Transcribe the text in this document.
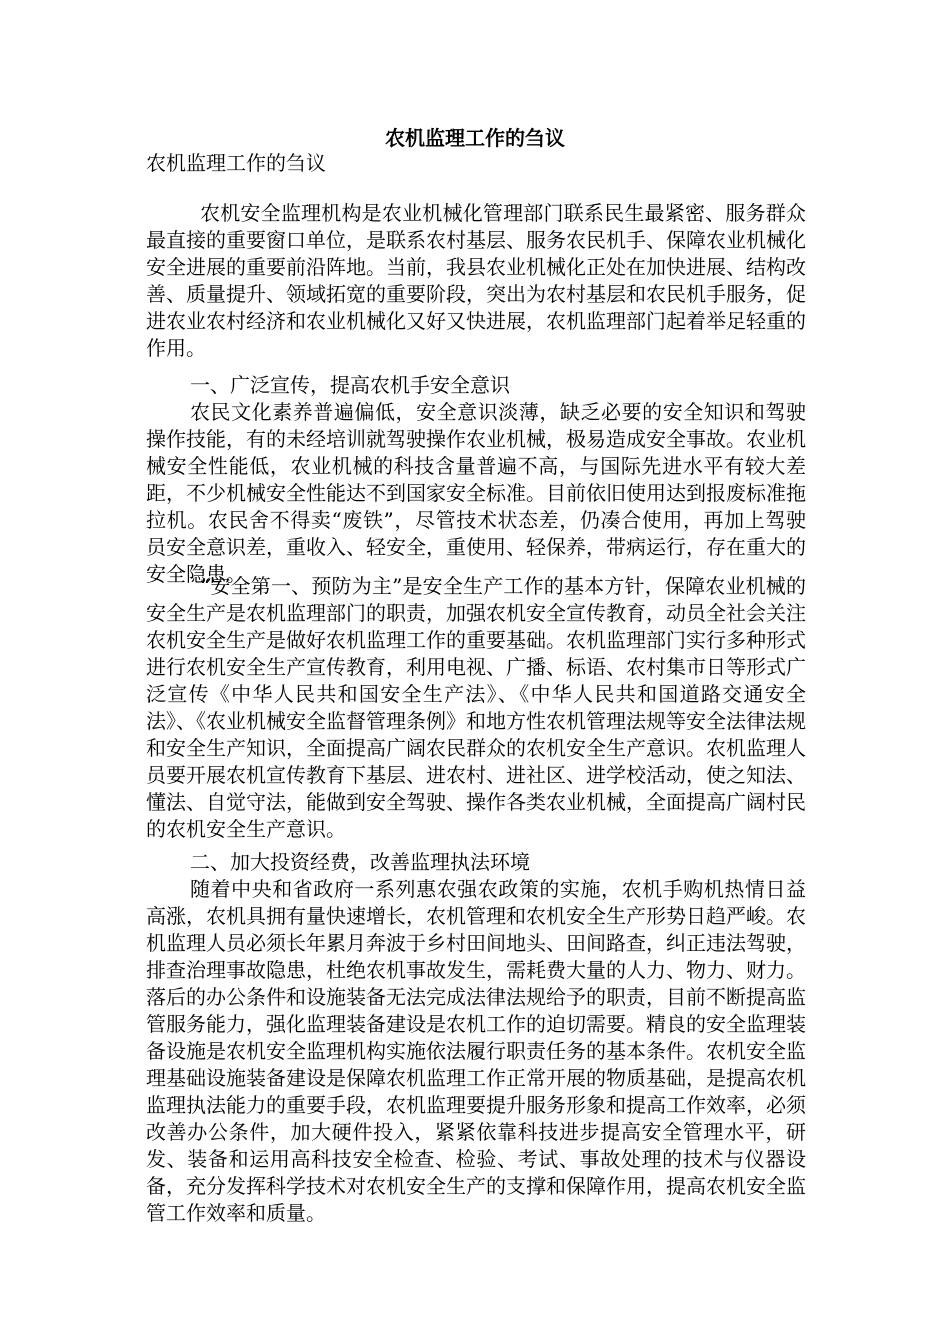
农机监理工作的刍议
农机监理工作的刍议
农机安全监理机构是农业机械化管理部门联系民生最紧密、服务群众最直接的重要窗口单位，是联系农村基层、服务农民机手、保障农业机械化安全进展的重要前沿阵地。当前，我县农业机械化正处在加快进展、结构改善、质量提升、领域拓宽的重要阶段，突出为农村基层和农民机手服务，促进农业农村经济和农业机械化又好又快进展，农机监理部门起着举足轻重的作用。
一、广泛宣传，提高农机手安全意识
农民文化素养普遍偏低，安全意识淡薄，缺乏必要的安全知识和驾驶操作技能，有的未经培训就驾驶操作农业机械，极易造成安全事故。农业机械安全性能低，农业机械的科技含量普遍不高，与国际先进水平有较大差距，不少机械安全性能达不到国家安全标准。目前依旧使用达到报废标准拖拉机。农民舍不得卖“废铁”，尽管技术状态差，仍凑合使用，再加上驾驶员安全意识差，重收入、轻安全，重使用、轻保养，带病运行，存在重大的安全隐患。
“安全第一、预防为主”是安全生产工作的基本方针，保障农业机械的安全生产是农机监理部门的职责，加强农机安全宣传教育，动员全社会关注农机安全生产是做好农机监理工作的重要基础。农机监理部门实行多种形式进行农机安全生产宣传教育，利用电视、广播、标语、农村集市日等形式广泛宣传《中华人民共和国安全生产法》、《中华人民共和国道路交通安全法》、《农业机械安全监督管理条例》和地方性农机管理法规等安全法律法规和安全生产知识，全面提高广阔农民群众的农机安全生产意识。农机监理人员要开展农机宣传教育下基层、进农村、进社区、进学校活动，使之知法、懂法、自觉守法，能做到安全驾驶、操作各类农业机械，全面提高广阔村民的农机安全生产意识。
二、加大投资经费，改善监理执法环境
随着中央和省政府一系列惠农强农政策的实施，农机手购机热情日益高涨，农机具拥有量快速增长，农机管理和农机安全生产形势日趋严峻。农机监理人员必须长年累月奔波于乡村田间地头、田间路查，纠正违法驾驶，排查治理事故隐患，杜绝农机事故发生，需耗费大量的人力、物力、财力。落后的办公条件和设施装备无法完成法律法规给予的职责，目前不断提高监管服务能力，强化监理装备建设是农机工作的迫切需要。精良的安全监理装备设施是农机安全监理机构实施依法履行职责任务的基本条件。农机安全监理基础设施装备建设是保障农机监理工作正常开展的物质基础，是提高农机监理执法能力的重要手段，农机监理要提升服务形象和提高工作效率，必须改善办公条件，加大硬件投入，紧紧依靠科技进步提高安全管理水平，研发、装备和运用高科技安全检查、检验、考试、事故处理的技术与仪器设备，充分发挥科学技术对农机安全生产的支撑和保障作用，提高农机安全监管工作效率和质量。
